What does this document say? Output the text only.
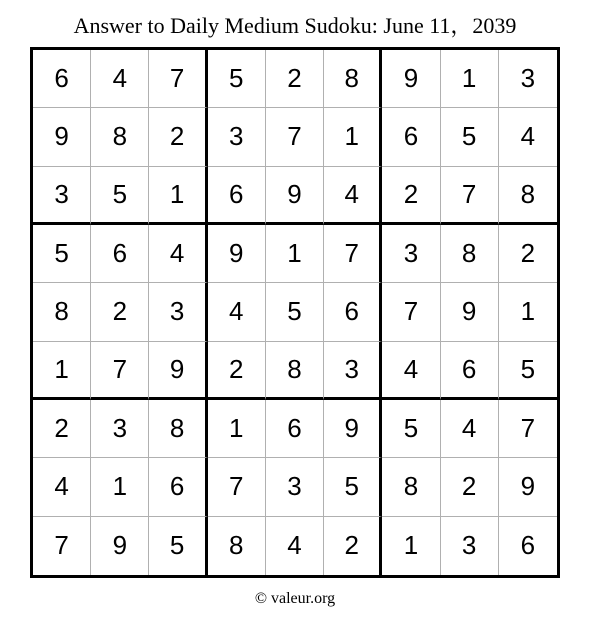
Answer to Daily Medium Sudoku: June 11，2039
6	4	7	5	2	8	9	1	3
9	8	2	3	7	1	6	5	4
3	5	1	6	9	4	2	7	8
5	6	4	9	1	7	3	8	2
8	2	3	4	5	6	7	9	1
1	7	9	2	8	3	4	6	5
2	3	8	1	6	9	5	4	7
4	1	6	7	3	5	8	2	9
7	9	5	8	4	2	1	3	6
© valeur.org
